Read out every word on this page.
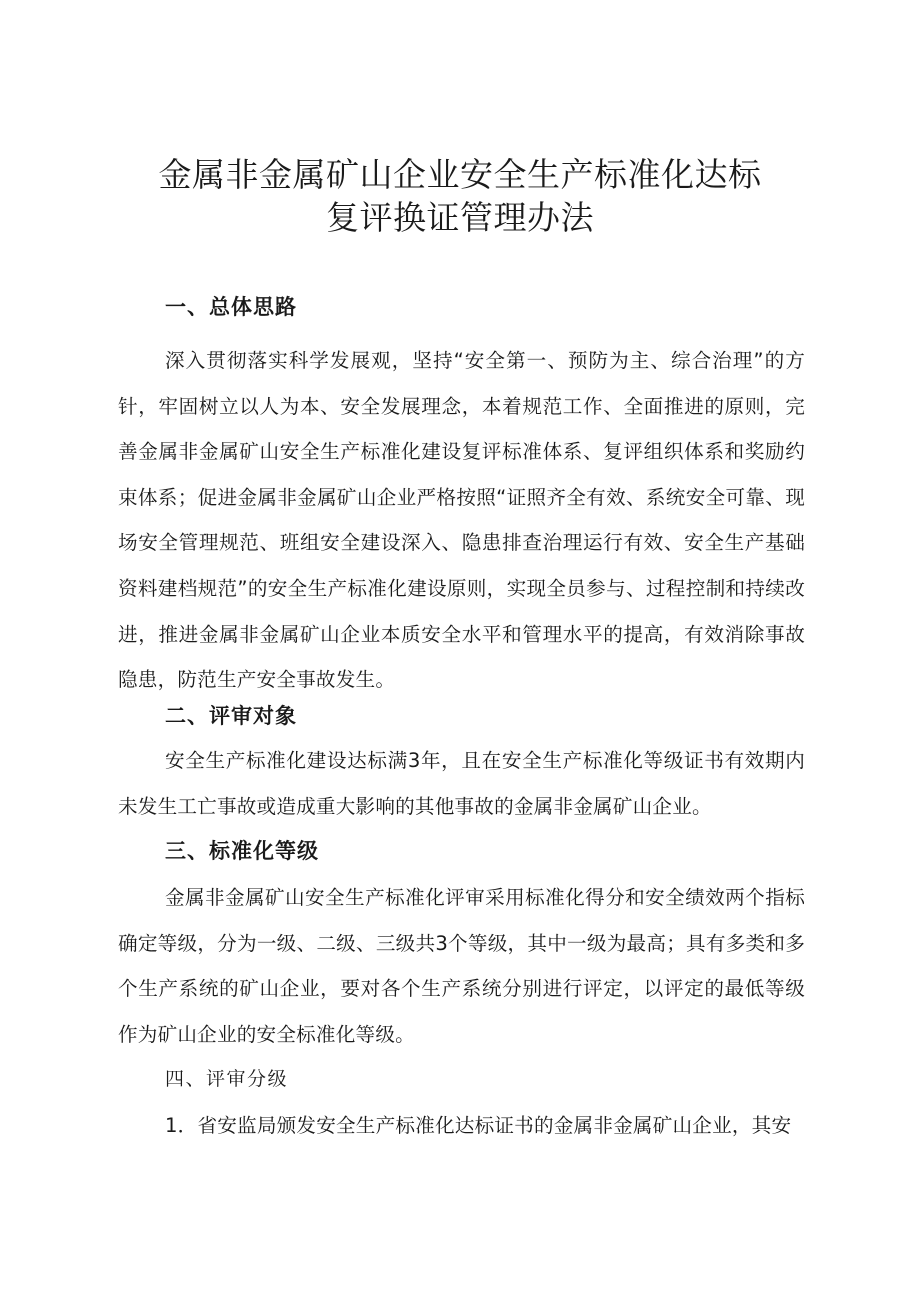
金属非金属矿山企业安全生产标准化达标
复评换证管理办法
一、总体思路

深入贯彻落实科学发展观，坚持“安全第一、预防为主、综合治理”的方针，牢固树立以人为本、安全发展理念，本着规范工作、全面推进的原则，完善金属非金属矿山安全生产标准化建设复评标准体系、复评组织体系和奖励约束体系；促进金属非金属矿山企业严格按照“证照齐全有效、系统安全可靠、现场安全管理规范、班组安全建设深入、隐患排查治理运行有效、安全生产基础资料建档规范”的安全生产标准化建设原则，实现全员参与、过程控制和持续改进，推进金属非金属矿山企业本质安全水平和管理水平的提高，有效消除事故隐患，防范生产安全事故发生。

二、评审对象

安全生产标准化建设达标满3年，且在安全生产标准化等级证书有效期内未发生工亡事故或造成重大影响的其他事故的金属非金属矿山企业。

三、标准化等级

金属非金属矿山安全生产标准化评审采用标准化得分和安全绩效两个指标确定等级，分为一级、二级、三级共3个等级，其中一级为最高；具有多类和多个生产系统的矿山企业，要对各个生产系统分别进行评定，以评定的最低等级作为矿山企业的安全标准化等级。

四、评审分级

1．省安监局颁发安全生产标准化达标证书的金属非金属矿山企业，其安
